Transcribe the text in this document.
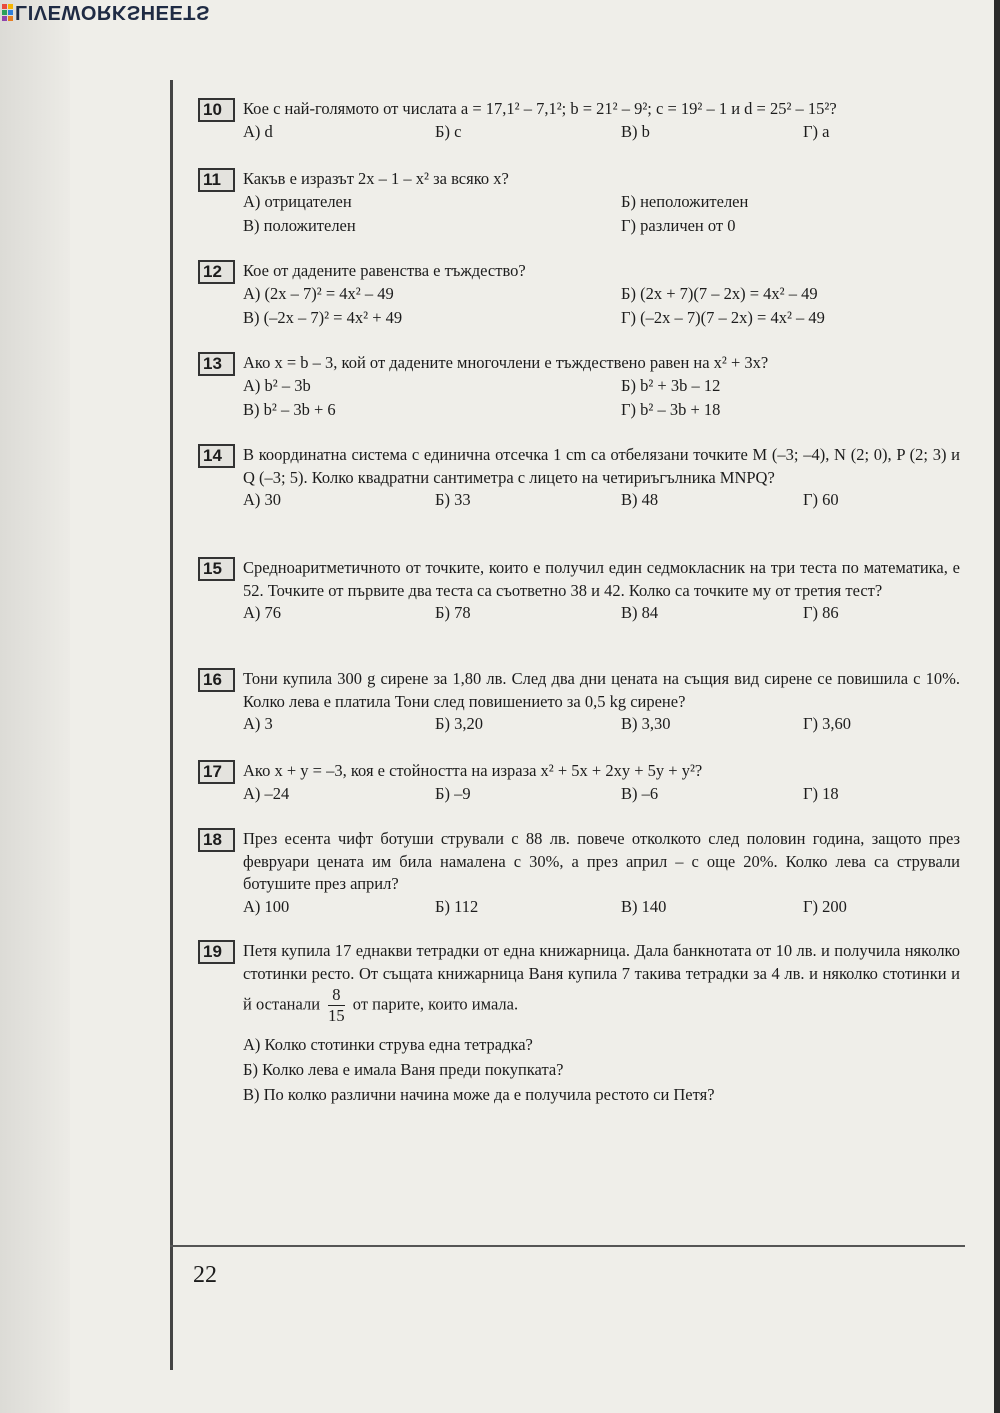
LIVEWORKSHEETS
10	Кое с най-голямото от числата a = 17,1² – 7,1²; b = 21² – 9²; c = 19² – 1 и d = 25² – 15²?
А) d	Б) c	В) b	Г) a
11	Какъв е изразът 2x – 1 – x² за всяко x?
А) отрицателен	Б) неположителен
В) положителен	Г) различен от 0
12	Кое от дадените равенства е тъждество?
А) (2x – 7)² = 4x² – 49	Б) (2x + 7)(7 – 2x) = 4x² – 49
В) (–2x – 7)² = 4x² + 49	Г) (–2x – 7)(7 – 2x) = 4x² – 49
13	Ако x = b – 3, кой от дадените многочлени е тъждествено равен на x² + 3x?
А) b² – 3b	Б) b² + 3b – 12
В) b² – 3b + 6	Г) b² – 3b + 18
14	В координатна система с единична отсечка 1 cm са отбелязани точките M (–3; –4), N (2; 0), P (2; 3) и Q (–3; 5). Колко квадратни сантиметра с лицето на четириъгълника MNPQ?
А) 30	Б) 33	В) 48	Г) 60
15	Средноаритметичното от точките, които е получил един седмокласник на три теста по математика, е 52. Точките от първите два теста са съответно 38 и 42. Колко са точките му от третия тест?
А) 76	Б) 78	В) 84	Г) 86
16	Тони купила 300 g сирене за 1,80 лв. След два дни цената на същия вид сирене се повишила с 10%. Колко лева е платила Тони след повишението за 0,5 kg сирене?
А) 3	Б) 3,20	В) 3,30	Г) 3,60
17	Ако x + y = –3, коя е стойността на израза x² + 5x + 2xy + 5y + y²?
А) –24	Б) –9	В) –6	Г) 18
18	През есента чифт ботуши стрували с 88 лв. повече отколкото след половин година, защото през февруари цената им била намалена с 30%, а през април – с още 20%. Колко лева са стрували ботушите през април?
А) 100	Б) 112	В) 140	Г) 200
19	Петя купила 17 еднакви тетрадки от една книжарница. Дала банкнотата от 10 лв. и получила няколко стотинки ресто. От същата книжарница Ваня купила 7 такива тетрадки за 4 лв. и няколко стотинки и й останали $\frac{8}{15}$ от парите, които имала.
А) Колко стотинки струва една тетрадка?
Б) Колко лева е имала Ваня преди покупката?
В) По колко различни начина може да е получила рестото си Петя?
22
